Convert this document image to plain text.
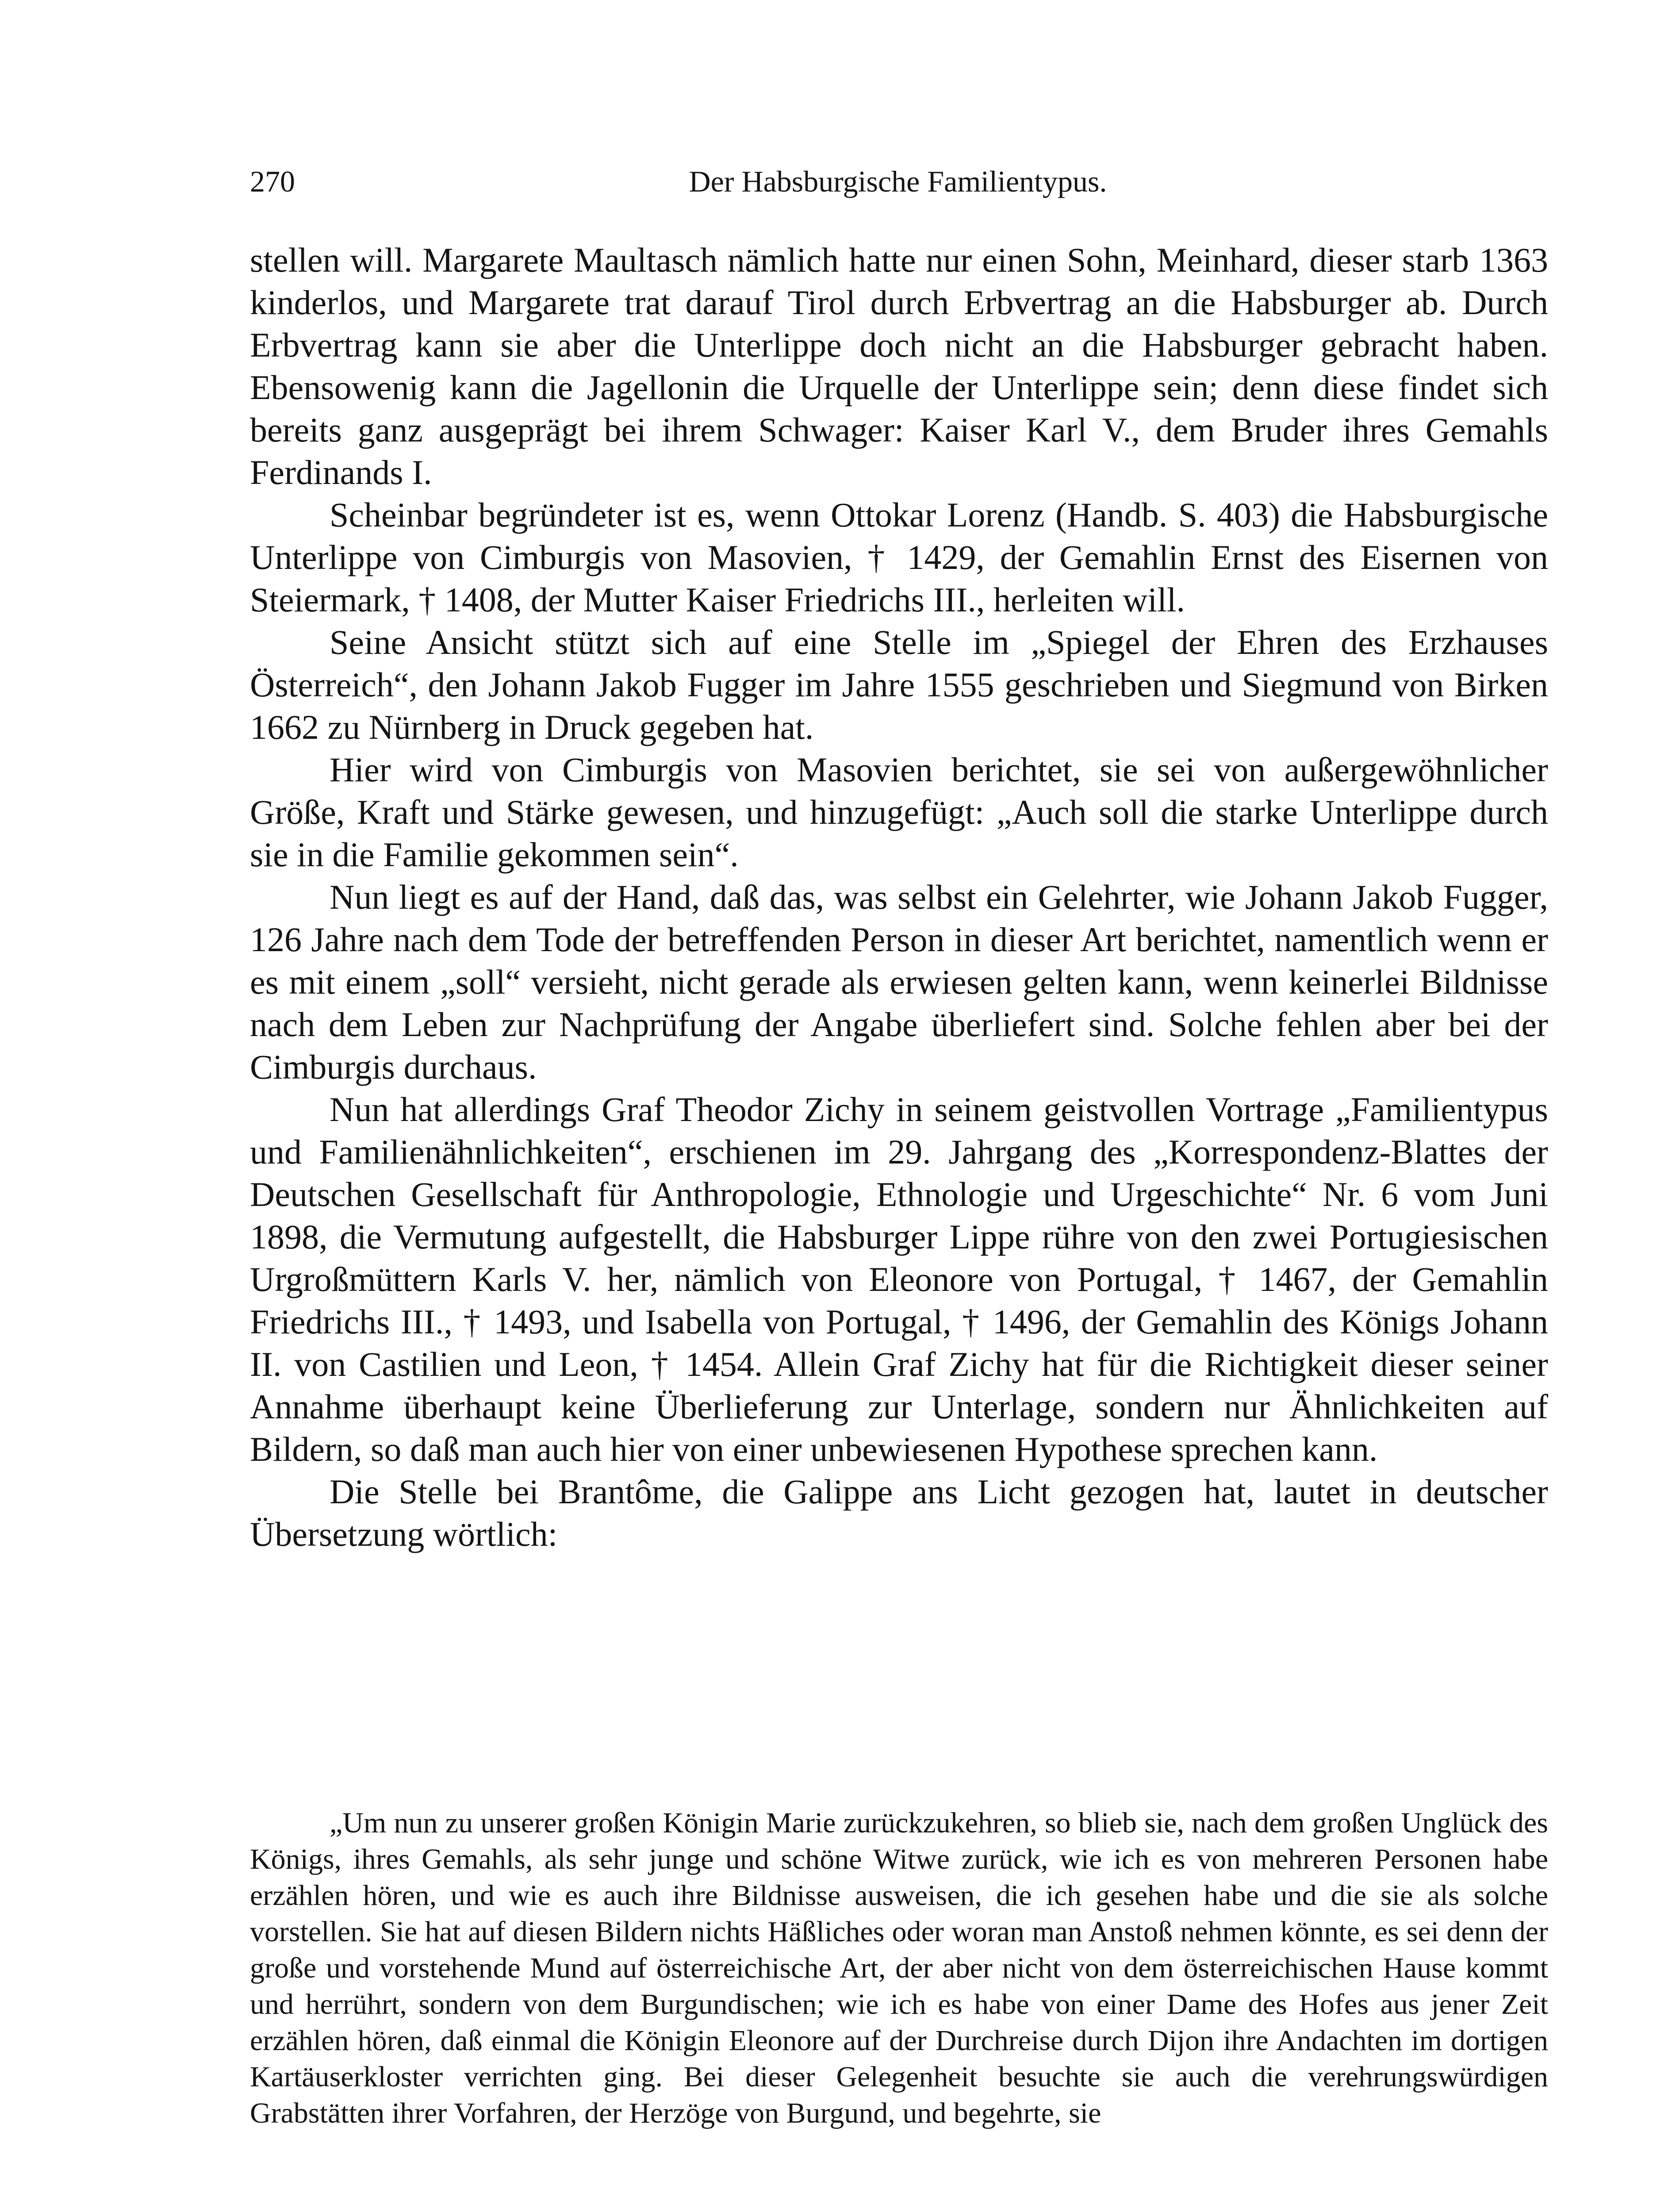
270	Der Habsburgische Familientypus.

stellen will. Margarete Maultasch nämlich hatte nur einen Sohn, Meinhard, dieser starb 1363 kinderlos, und Margarete trat darauf Tirol durch Erbvertrag an die Habsburger ab. Durch Erbvertrag kann sie aber die Unterlippe doch nicht an die Habsburger gebracht haben. Ebensowenig kann die Jagellonin die Urquelle der Unterlippe sein; denn diese findet sich bereits ganz ausgeprägt bei ihrem Schwager: Kaiser Karl V., dem Bruder ihres Gemahls Ferdinands I.

Scheinbar begründeter ist es, wenn Ottokar Lorenz (Handb. S. 403) die Habsburgische Unterlippe von Cimburgis von Masovien, † 1429, der Gemahlin Ernst des Eisernen von Steiermark, † 1408, der Mutter Kaiser Friedrichs III., herleiten will.

Seine Ansicht stützt sich auf eine Stelle im „Spiegel der Ehren des Erzhauses Österreich“, den Johann Jakob Fugger im Jahre 1555 geschrieben und Siegmund von Birken 1662 zu Nürnberg in Druck gegeben hat.

Hier wird von Cimburgis von Masovien berichtet, sie sei von außergewöhnlicher Größe, Kraft und Stärke gewesen, und hinzugefügt: „Auch soll die starke Unterlippe durch sie in die Familie gekommen sein“.

Nun liegt es auf der Hand, daß das, was selbst ein Gelehrter, wie Johann Jakob Fugger, 126 Jahre nach dem Tode der betreffenden Person in dieser Art berichtet, namentlich wenn er es mit einem „soll“ versieht, nicht gerade als erwiesen gelten kann, wenn keinerlei Bildnisse nach dem Leben zur Nachprüfung der Angabe überliefert sind. Solche fehlen aber bei der Cimburgis durchaus.

Nun hat allerdings Graf Theodor Zichy in seinem geistvollen Vortrage „Familientypus und Familienähnlichkeiten“, erschienen im 29. Jahrgang des „Korrespondenz-Blattes der Deutschen Gesellschaft für Anthropologie, Ethnologie und Urgeschichte“ Nr. 6 vom Juni 1898, die Vermutung aufgestellt, die Habsburger Lippe rühre von den zwei Portugiesischen Urgroßmüttern Karls V. her, nämlich von Eleonore von Portugal, † 1467, der Gemahlin Friedrichs III., † 1493, und Isabella von Portugal, † 1496, der Gemahlin des Königs Johann II. von Castilien und Leon, † 1454. Allein Graf Zichy hat für die Richtigkeit dieser seiner Annahme überhaupt keine Überlieferung zur Unterlage, sondern nur Ähnlichkeiten auf Bildern, so daß man auch hier von einer unbewiesenen Hypothese sprechen kann.

Die Stelle bei Brantôme, die Galippe ans Licht gezogen hat, lautet in deutscher Übersetzung wörtlich:

„Um nun zu unserer großen Königin Marie zurückzukehren, so blieb sie, nach dem großen Unglück des Königs, ihres Gemahls, als sehr junge und schöne Witwe zurück, wie ich es von mehreren Personen habe erzählen hören, und wie es auch ihre Bildnisse ausweisen, die ich gesehen habe und die sie als solche vorstellen. Sie hat auf diesen Bildern nichts Häßliches oder woran man Anstoß nehmen könnte, es sei denn der große und vorstehende Mund auf österreichische Art, der aber nicht von dem österreichischen Hause kommt und herrührt, sondern von dem Burgundischen; wie ich es habe von einer Dame des Hofes aus jener Zeit erzählen hören, daß einmal die Königin Eleonore auf der Durchreise durch Dijon ihre Andachten im dortigen Kartäuserkloster verrichten ging. Bei dieser Gelegenheit besuchte sie auch die verehrungswürdigen Grabstätten ihrer Vorfahren, der Herzöge von Burgund, und begehrte, sie
